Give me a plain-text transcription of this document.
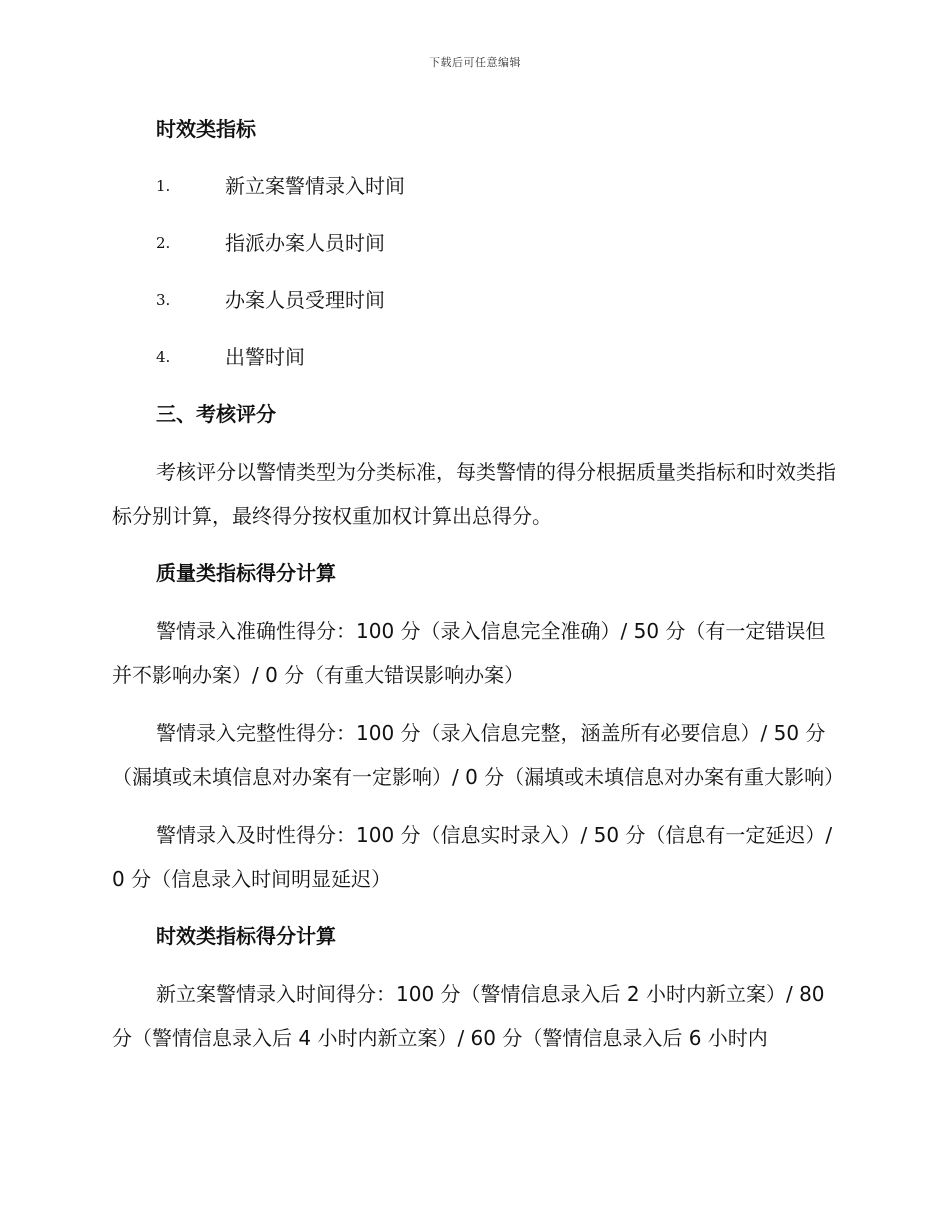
下载后可任意编辑
时效类指标
1.	新立案警情录入时间
2.	指派办案人员时间
3.	办案人员受理时间
4.	出警时间
三、考核评分

考核评分以警情类型为分类标准，每类警情的得分根据质量类指标和时效类指标分别计算，最终得分按权重加权计算出总得分。

质量类指标得分计算

警情录入准确性得分：100 分（录入信息完全准确）/ 50 分（有一定错误但并不影响办案）/ 0 分（有重大错误影响办案）

警情录入完整性得分：100 分（录入信息完整，涵盖所有必要信息）/ 50 分（漏填或未填信息对办案有一定影响）/ 0 分（漏填或未填信息对办案有重大影响）

警情录入及时性得分：100 分（信息实时录入）/ 50 分（信息有一定延迟）/ 0 分（信息录入时间明显延迟）

时效类指标得分计算

新立案警情录入时间得分：100 分（警情信息录入后 2 小时内新立案）/ 80 分（警情信息录入后 4 小时内新立案）/ 60 分（警情信息录入后 6 小时内
